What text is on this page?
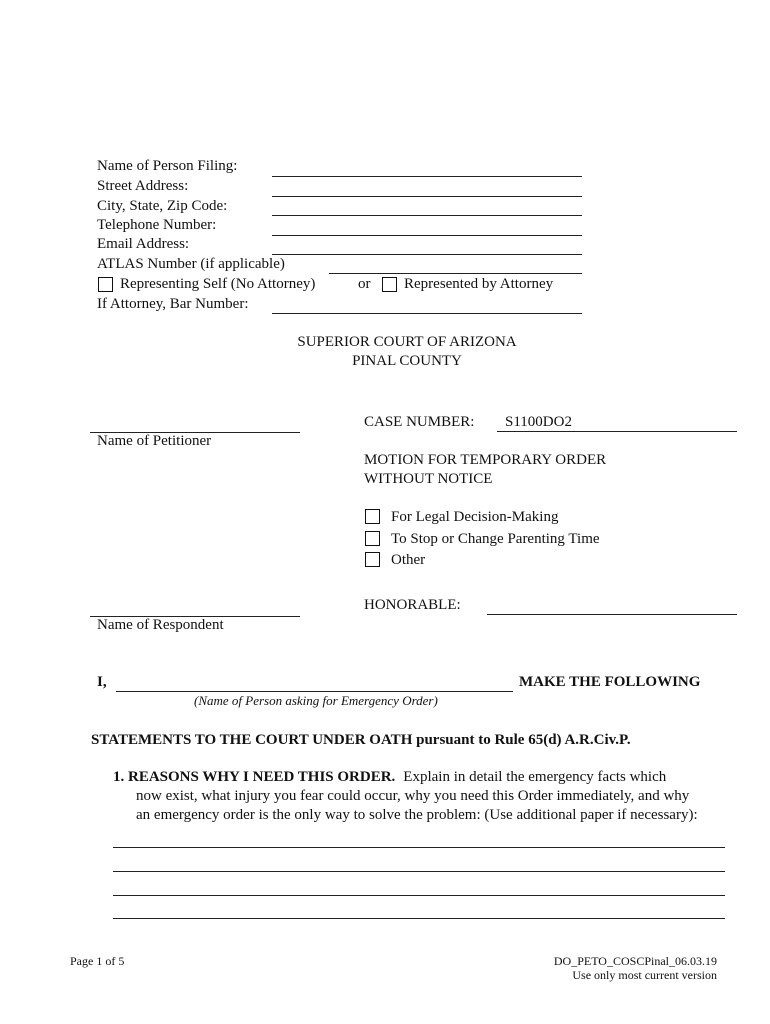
Name of Person Filing:
Street Address:
City, State, Zip Code:
Telephone Number:
Email Address:
ATLAS Number (if applicable)
Representing Self (No Attorney)	or Represented by Attorney
If Attorney, Bar Number:
SUPERIOR COURT OF ARIZONA
PINAL COUNTY
Name of Petitioner
CASE NUMBER: S1100DO2
MOTION FOR TEMPORARY ORDER
WITHOUT NOTICE
For Legal Decision-Making
To Stop or Change Parenting Time
Other
Name of Respondent
HONORABLE:
I,	MAKE THE FOLLOWING
(Name of Person asking for Emergency Order)
STATEMENTS TO THE COURT UNDER OATH pursuant to Rule 65(d) A.R.Civ.P.
1. REASONS WHY I NEED THIS ORDER. Explain in detail the emergency facts which
now exist, what injury you fear could occur, why you need this Order immediately, and why
an emergency order is the only way to solve the problem: (Use additional paper if necessary):
Page 1 of 5	DO_PETO_COSCPinal_06.03.19
Use only most current version
